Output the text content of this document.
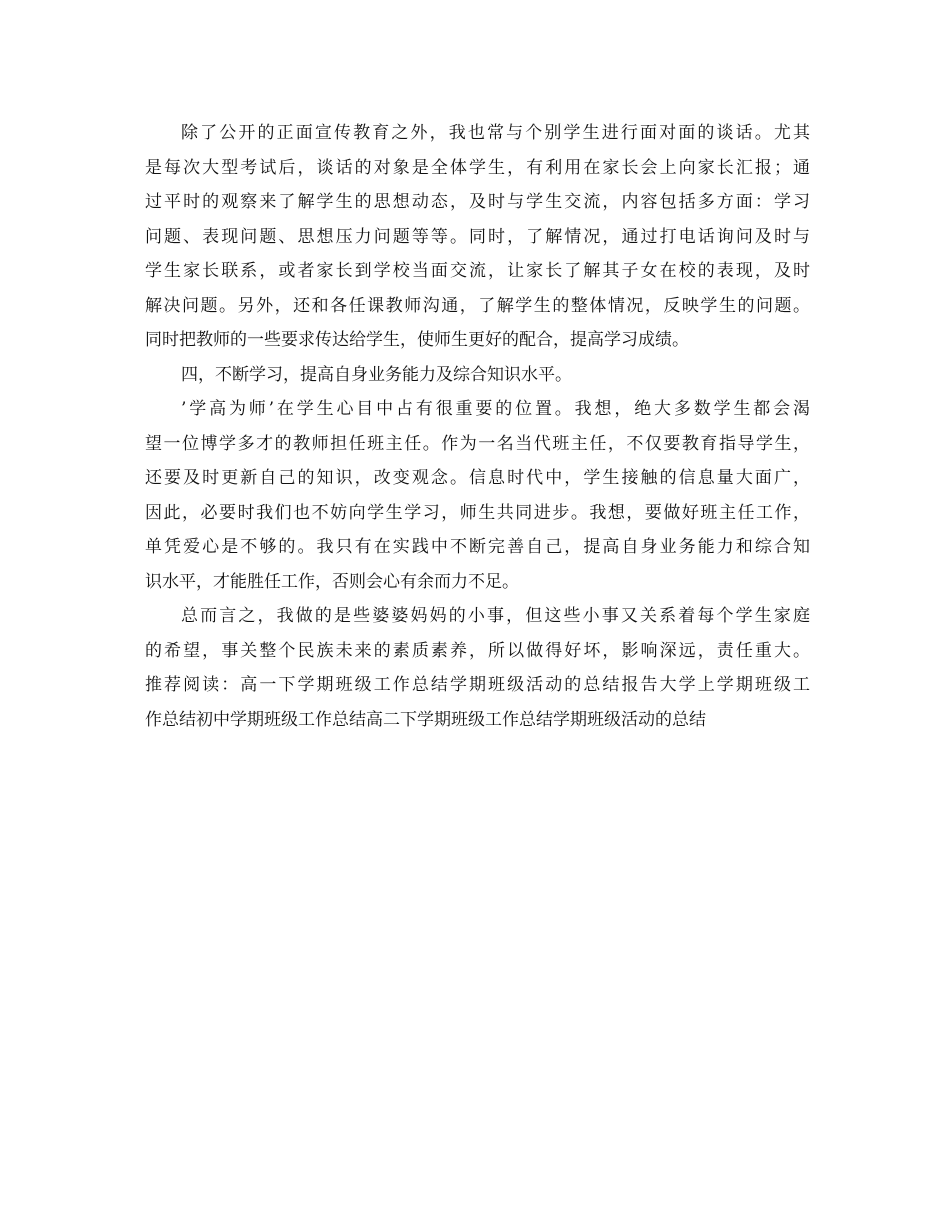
除了公开的正面宣传教育之外，我也常与个别学生进行面对面的谈话。尤其
是每次大型考试后，谈话的对象是全体学生，有利用在家长会上向家长汇报；通
过平时的观察来了解学生的思想动态，及时与学生交流，内容包括多方面：学习
问题、表现问题、思想压力问题等等。同时，了解情况，通过打电话询问及时与
学生家长联系，或者家长到学校当面交流，让家长了解其子女在校的表现，及时
解决问题。另外，还和各任课教师沟通，了解学生的整体情况，反映学生的问题。
同时把教师的一些要求传达给学生，使师生更好的配合，提高学习成绩。
四，不断学习，提高自身业务能力及综合知识水平。
’学高为师’在学生心目中占有很重要的位置。我想，绝大多数学生都会渴
望一位博学多才的教师担任班主任。作为一名当代班主任，不仅要教育指导学生，
还要及时更新自己的知识，改变观念。信息时代中，学生接触的信息量大面广，
因此，必要时我们也不妨向学生学习，师生共同进步。我想，要做好班主任工作，
单凭爱心是不够的。我只有在实践中不断完善自己，提高自身业务能力和综合知
识水平，才能胜任工作，否则会心有余而力不足。
总而言之，我做的是些婆婆妈妈的小事，但这些小事又关系着每个学生家庭
的希望，事关整个民族未来的素质素养，所以做得好坏，影响深远，责任重大。
推荐阅读：高一下学期班级工作总结学期班级活动的总结报告大学上学期班级工
作总结初中学期班级工作总结高二下学期班级工作总结学期班级活动的总结
